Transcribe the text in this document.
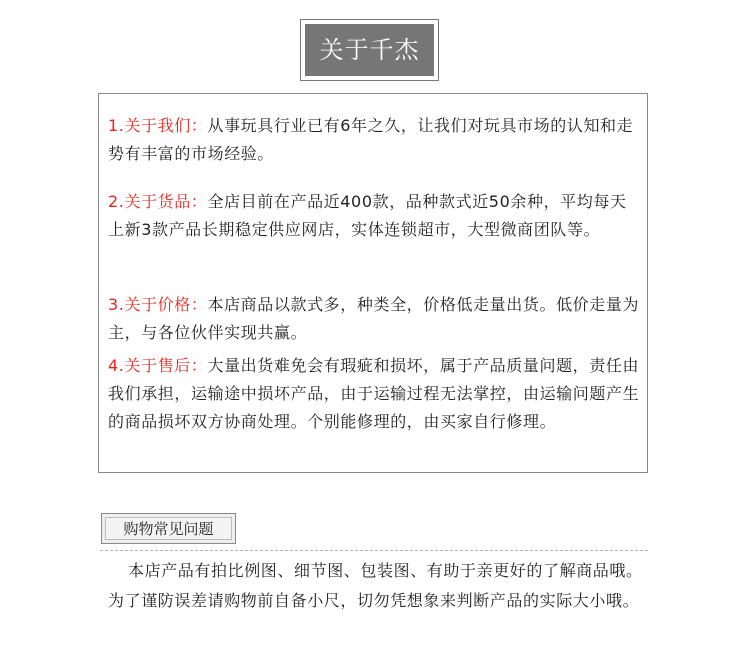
关于千杰
1.关于我们：从事玩具行业已有6年之久，让我们对玩具市场的认知和走势有丰富的市场经验。
2.关于货品：全店目前在产品近400款，品种款式近50余种，平均每天上新3款产品长期稳定供应网店，实体连锁超市，大型微商团队等。
3.关于价格：本店商品以款式多，种类全，价格低走量出货。低价走量为主，与各位伙伴实现共赢。
4.关于售后：大量出货难免会有瑕疵和损坏，属于产品质量问题，责任由我们承担，运输途中损坏产品，由于运输过程无法掌控，由运输问题产生的商品损坏双方协商处理。个别能修理的，由买家自行修理。
购物常见问题
本店产品有拍比例图、细节图、包装图、有助于亲更好的了解商品哦。为了谨防误差请购物前自备小尺，切勿凭想象来判断产品的实际大小哦。
